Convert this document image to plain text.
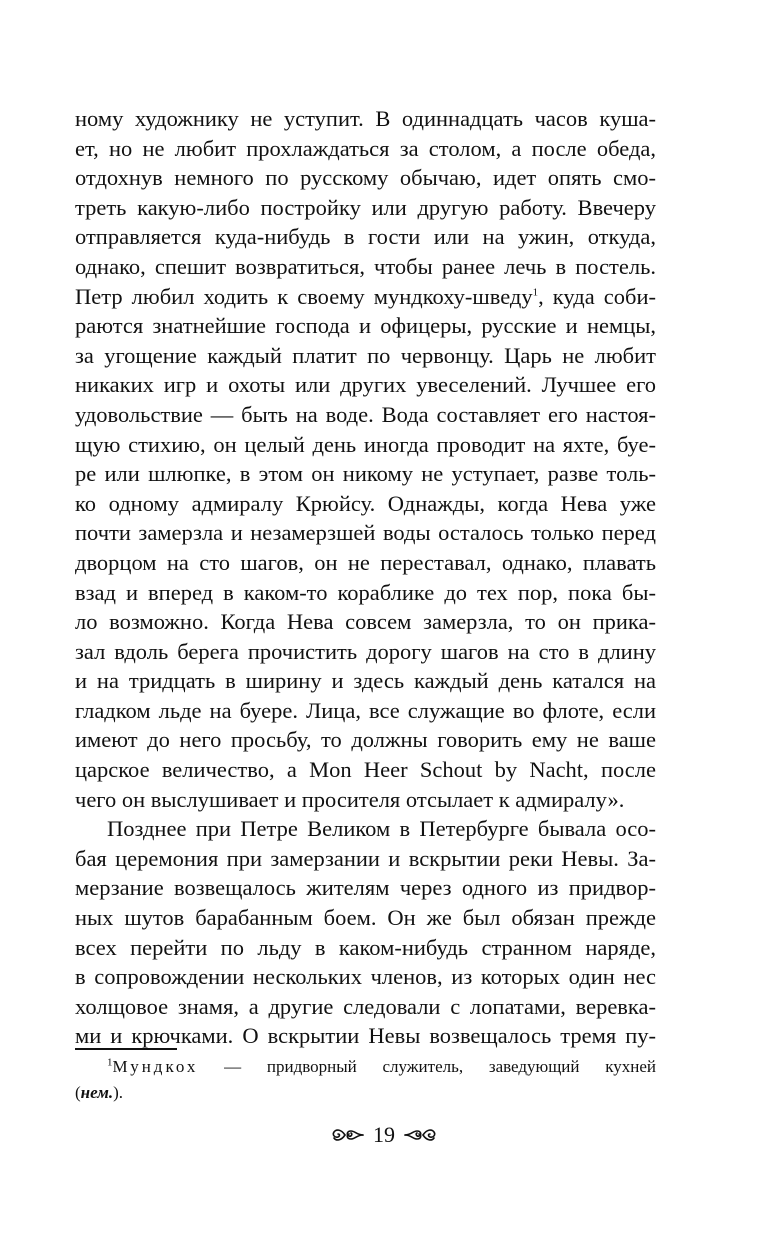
ному художнику не уступит. В одиннадцать часов куша-
ет, но не любит прохлаждаться за столом, а после обеда,
отдохнув немного по русскому обычаю, идет опять смо-
треть какую-либо постройку или другую работу. Ввечеру
отправляется куда-нибудь в гости или на ужин, откуда,
однако, спешит возвратиться, чтобы ранее лечь в постель.
Петр любил ходить к своему мундкоху-шведу$^1$, куда соби-
раются знатнейшие господа и офицеры, русские и немцы,
за угощение каждый платит по червонцу. Царь не любит
никаких игр и охоты или других увеселений. Лучшее его
удовольствие — быть на воде. Вода составляет его настоя-
щую стихию, он целый день иногда проводит на яхте, буе-
ре или шлюпке, в этом он никому не уступает, разве толь-
ко одному адмиралу Крюйсу. Однажды, когда Нева уже
почти замерзла и незамерзшей воды осталось только перед
дворцом на сто шагов, он не переставал, однако, плавать
взад и вперед в каком-то кораблике до тех пор, пока бы-
ло возможно. Когда Нева совсем замерзла, то он прика-
зал вдоль берега прочистить дорогу шагов на сто в длину
и на тридцать в ширину и здесь каждый день катался на
гладком льде на буере. Лица, все служащие во флоте, если
имеют до него просьбу, то должны говорить ему не ваше
царское величество, а Mon Heer Schout by Nacht, после
чего он выслушивает и просителя отсылает к адмиралу».
Позднее при Петре Великом в Петербурге бывала осо-
бая церемония при замерзании и вскрытии реки Невы. За-
мерзание возвещалось жителям через одного из придвор-
ных шутов барабанным боем. Он же был обязан прежде
всех перейти по льду в каком-нибудь странном наряде,
в сопровождении нескольких членов, из которых один нес
холщовое знамя, а другие следовали с лопатами, веревка-
ми и крючками. О вскрытии Невы возвещалось тремя пу-
$^1$Мундкох — придворный служитель, заведующий кухней
(нем.).
19
